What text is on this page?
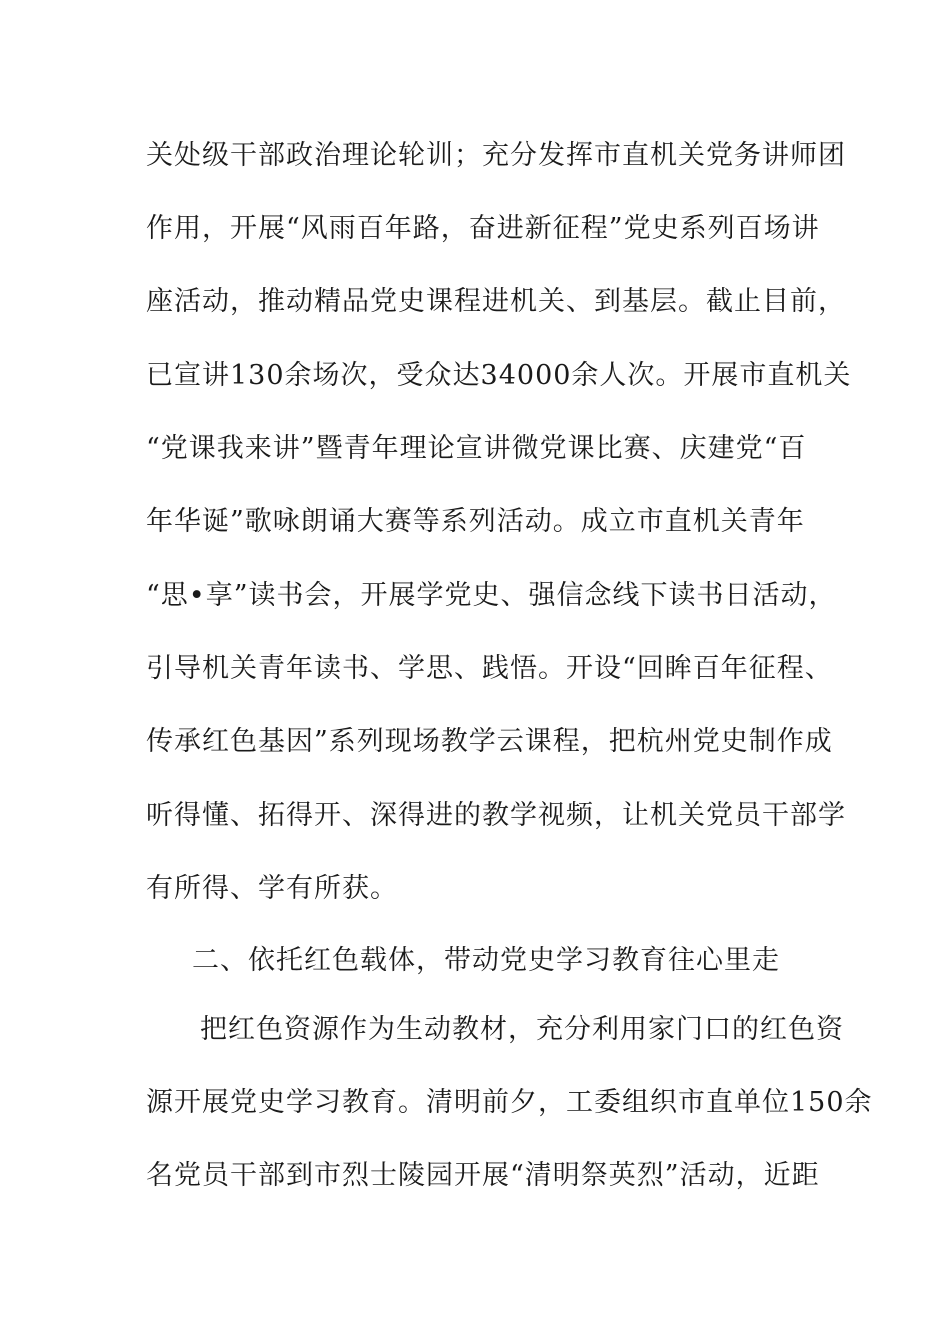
关处级干部政治理论轮训；充分发挥市直机关党务讲师团
作用，开展“风雨百年路，奋进新征程”党史系列百场讲
座活动，推动精品党史课程进机关、到基层。截止目前，
已宣讲130余场次，受众达34000余人次。开展市直机关
“党课我来讲”暨青年理论宣讲微党课比赛、庆建党“百
年华诞”歌咏朗诵大赛等系列活动。成立市直机关青年
“思•享”读书会，开展学党史、强信念线下读书日活动，
引导机关青年读书、学思、践悟。开设“回眸百年征程、
传承红色基因”系列现场教学云课程，把杭州党史制作成
听得懂、拓得开、深得进的教学视频，让机关党员干部学
有所得、学有所获。
二、依托红色载体，带动党史学习教育往心里走
把红色资源作为生动教材，充分利用家门口的红色资
源开展党史学习教育。清明前夕，工委组织市直单位150余
名党员干部到市烈士陵园开展“清明祭英烈”活动，近距
